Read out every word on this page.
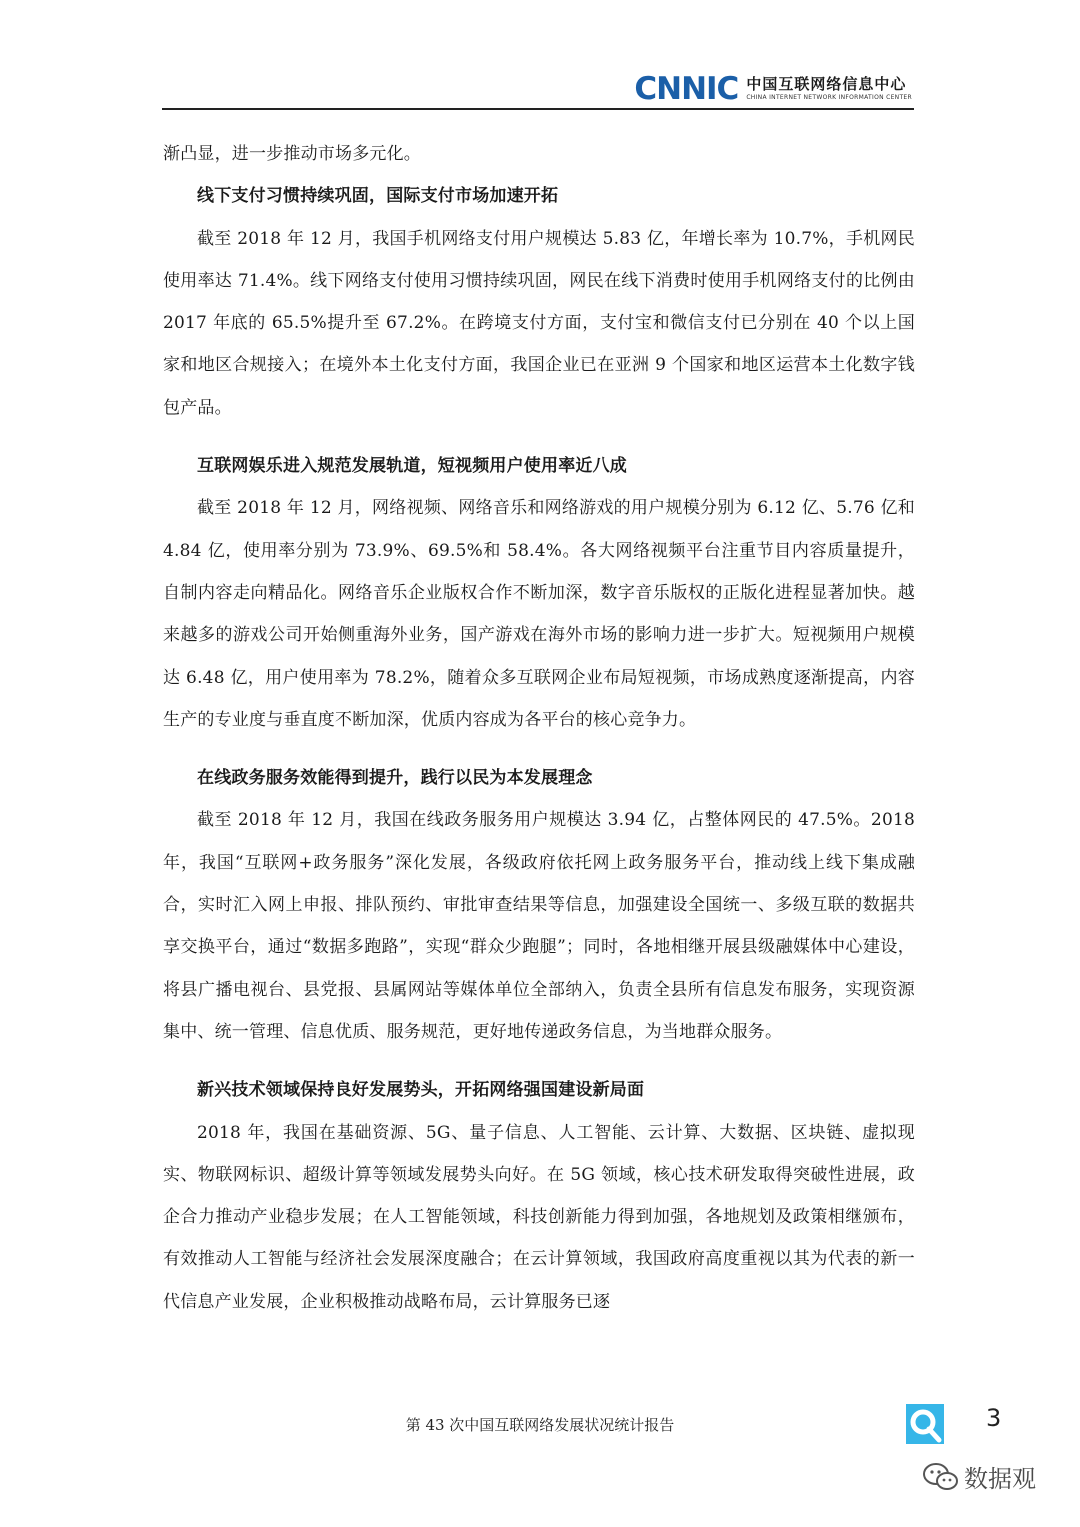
CNNIC 中国互联网络信息中心
CHINA INTERNET NETWORK INFORMATION CENTER

渐凸显，进一步推动市场多元化。

线下支付习惯持续巩固，国际支付市场加速开拓

截至 2018 年 12 月，我国手机网络支付用户规模达 5.83 亿，年增长率为 10.7%，手机网民使用率达 71.4%。线下网络支付使用习惯持续巩固，网民在线下消费时使用手机网络支付的比例由 2017 年底的 65.5%提升至 67.2%。在跨境支付方面，支付宝和微信支付已分别在 40 个以上国家和地区合规接入；在境外本土化支付方面，我国企业已在亚洲 9 个国家和地区运营本土化数字钱包产品。

互联网娱乐进入规范发展轨道，短视频用户使用率近八成

截至 2018 年 12 月，网络视频、网络音乐和网络游戏的用户规模分别为 6.12 亿、5.76 亿和 4.84 亿，使用率分别为 73.9%、69.5%和 58.4%。各大网络视频平台注重节目内容质量提升，自制内容走向精品化。网络音乐企业版权合作不断加深，数字音乐版权的正版化进程显著加快。越来越多的游戏公司开始侧重海外业务，国产游戏在海外市场的影响力进一步扩大。短视频用户规模达 6.48 亿，用户使用率为 78.2%，随着众多互联网企业布局短视频，市场成熟度逐渐提高，内容生产的专业度与垂直度不断加深，优质内容成为各平台的核心竞争力。

在线政务服务效能得到提升，践行以民为本发展理念

截至 2018 年 12 月，我国在线政务服务用户规模达 3.94 亿，占整体网民的 47.5%。2018 年，我国“互联网+政务服务”深化发展，各级政府依托网上政务服务平台，推动线上线下集成融合，实时汇入网上申报、排队预约、审批审查结果等信息，加强建设全国统一、多级互联的数据共享交换平台，通过“数据多跑路”，实现“群众少跑腿”；同时，各地相继开展县级融媒体中心建设，将县广播电视台、县党报、县属网站等媒体单位全部纳入，负责全县所有信息发布服务，实现资源集中、统一管理、信息优质、服务规范，更好地传递政务信息，为当地群众服务。

新兴技术领域保持良好发展势头，开拓网络强国建设新局面

2018 年，我国在基础资源、5G、量子信息、人工智能、云计算、大数据、区块链、虚拟现实、物联网标识、超级计算等领域发展势头向好。在 5G 领域，核心技术研发取得突破性进展，政企合力推动产业稳步发展；在人工智能领域，科技创新能力得到加强，各地规划及政策相继颁布，有效推动人工智能与经济社会发展深度融合；在云计算领域，我国政府高度重视以其为代表的新一代信息产业发展，企业积极推动战略布局，云计算服务已逐

第 43 次中国互联网络发展状况统计报告	3
数据观
